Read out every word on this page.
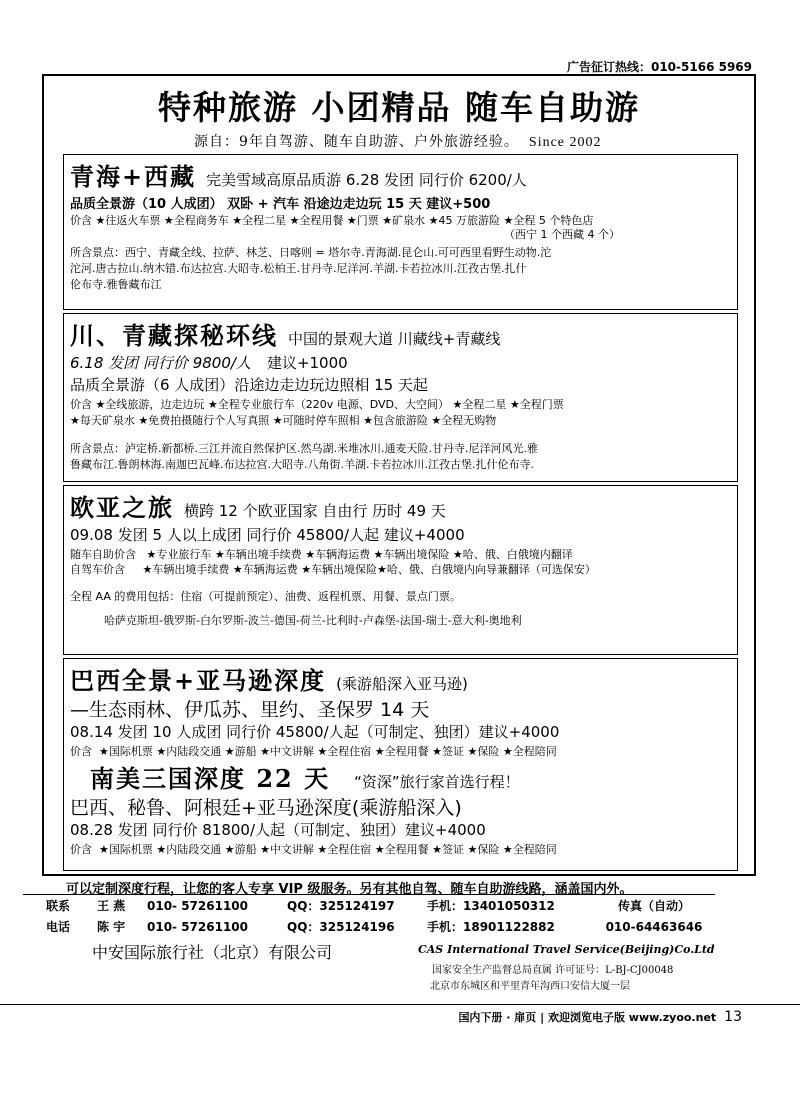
广告征订热线：010-5166 5969
特种旅游 小团精品 随车自助游
源自：9年自驾游、随车自助游、户外旅游经验。 Since 2002
青海+西藏 完美雪域高原品质游 6.28 发团 同行价 6200/人
品质全景游（10 人成团） 双卧 + 汽车 沿途边走边玩 15 天 建议+500
价含 ★往返火车票 ★全程商务车 ★全程二星 ★全程用餐 ★门票 ★矿泉水 ★45 万旅游险 ★全程 5 个特色店
（西宁 1 个西藏 4 个）
所含景点：西宁、青藏全线、拉萨、林芝、日喀则 = 塔尔寺.青海湖.昆仑山.可可西里看野生动物.沱
沱河.唐古拉山.纳木错.布达拉宫.大昭寺.松柏王.甘丹寺.尼洋河.羊湖.卡若拉冰川.江孜古堡.扎什
伦布寺.雅鲁藏布江
川、青藏探秘环线 中国的景观大道 川藏线+青藏线
6.18 发团 同行价 9800/人 建议+1000
品质全景游（6 人成团）沿途边走边玩边照相 15 天起
价含 ★全线旅游，边走边玩 ★全程专业旅行车（220v 电源、DVD、大空间） ★全程二星 ★全程门票
★每天矿泉水 ★免费拍摄随行个人写真照 ★可随时停车照相 ★包含旅游险 ★全程无购物
所含景点：泸定桥.新都桥.三江并流自然保护区.然乌湖.米堆冰川.通麦天险.甘丹寺.尼洋河风光.雅
鲁藏布江.鲁朗林海.南迦巴瓦峰.布达拉宫.大昭寺.八角街.羊湖.卡若拉冰川.江孜古堡.扎什伦布寺.
欧亚之旅 横跨 12 个欧亚国家 自由行 历时 49 天
09.08 发团 5 人以上成团 同行价 45800/人起 建议+4000
随车自助价含   ★专业旅行车 ★车辆出境手续费 ★车辆海运费 ★车辆出境保险 ★哈、俄、白俄境内翻译
自驾车价含     ★车辆出境手续费 ★车辆海运费 ★车辆出境保险★哈、俄、白俄境内向导兼翻译（可选保安）
全程 AA 的费用包括：住宿（可提前预定）、油费、返程机票、用餐、景点门票。
哈萨克斯坦-俄罗斯-白尔罗斯-波兰-德国-荷兰-比利时-卢森堡-法国-瑞士-意大利-奥地利
巴西全景+亚马逊深度 (乘游船深入亚马逊)
—生态雨林、伊瓜苏、里约、圣保罗 14 天
08.14 发团 10 人成团 同行价 45800/人起（可制定、独团）建议+4000
价含  ★国际机票 ★内陆段交通 ★游船 ★中文讲解 ★全程住宿 ★全程用餐 ★签证 ★保险 ★全程陪同
南美三国深度 22 天 “资深”旅行家首选行程！
巴西、秘鲁、阿根廷+亚马逊深度(乘游船深入)
08.28 发团 同行价 81800/人起（可制定、独团）建议+4000
价含  ★国际机票 ★内陆段交通 ★游船 ★中文讲解 ★全程住宿 ★全程用餐 ★签证 ★保险 ★全程陪同
可以定制深度行程，让您的客人专享 VIP 级服务。另有其他自驾、随车自助游线路，涵盖国内外。
联系	王 燕	010- 57261100	QQ：325124197	手机：13401050312	传真（自动）
电话	陈 宇	010- 57261100	QQ：325124196	手机：18901122882	010-64463646
中安国际旅行社（北京）有限公司	CAS International Travel Service(Beijing)Co.Ltd
国家安全生产监督总局直属 许可证号：L-BJ-CJ00048
北京市东城区和平里青年沟西口安信大厦一层
国内下册 · 扉页 | 欢迎浏览电子版 www.zyoo.net 13
